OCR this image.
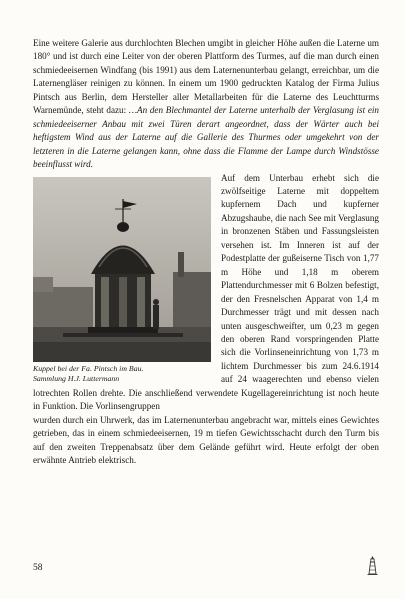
Eine weitere Galerie aus durchlochten Blechen umgibt in gleicher Höhe außen die Laterne um 180° und ist durch eine Leiter von der oberen Plattform des Turmes, auf die man durch einen schmiedeeisernen Windfang (bis 1991) aus dem Laternenunterbau gelangt, erreichbar, um die Laternengläser reinigen zu können. In einem um 1900 gedruckten Katalog der Firma Julius Pintsch aus Berlin, dem Hersteller aller Metallarbeiten für die Laterne des Leuchtturms Warnemünde, steht dazu: …An den Blechmantel der Laterne unterhalb der Verglasung ist ein schmiedeeiserner Anbau mit zwei Türen derart angeordnet, dass der Wärter auch bei heftigstem Wind aus der Laterne auf die Gallerie des Thurmes oder umgekehrt von der letzteren in die Laterne gelangen kann, ohne dass die Flamme der Lampe durch Windstösse beeinflusst wird.

Kuppel bei der Fa. Pintsch im Bau.
Sammlung H.J. Luttermann
Auf dem Unterbau erhebt sich die zwölfseitige Laterne mit doppeltem kupfernem Dach und kupferner Abzugshaube, die nach See mit Verglasung in bronzenen Stäben und Fassungsleisten versehen ist. Im Inneren ist auf der Podestplatte der gußeiserne Tisch von 1,77 m Höhe und 1,18 m oberem Plattendurchmesser mit 6 Bolzen befestigt, der den Fresnelschen Apparat von 1,4 m Durchmesser trägt und mit dessen nach unten ausgeschweifter, um 0,23 m gegen den oberen Rand vorspringenden Platte sich die Vorlinseneinrichtung von 1,73 m lichtem Durchmesser bis zum 24.6.1914 auf 24 waagerechten und ebenso vielen lotrechten Rollen drehte. Die anschließend verwendete Kugellagereinrichtung ist noch heute in Funktion. Die Vorlinsengruppen

wurden durch ein Uhrwerk, das im Laternenunterbau angebracht war, mittels eines Gewichtes getrieben, das in einem schmiedeeisernen, 19 m tiefen Gewichtsschacht durch den Turm bis auf den zweiten Treppenabsatz über dem Gelände geführt wird. Heute erfolgt der oben erwähnte Antrieb elektrisch.

58
